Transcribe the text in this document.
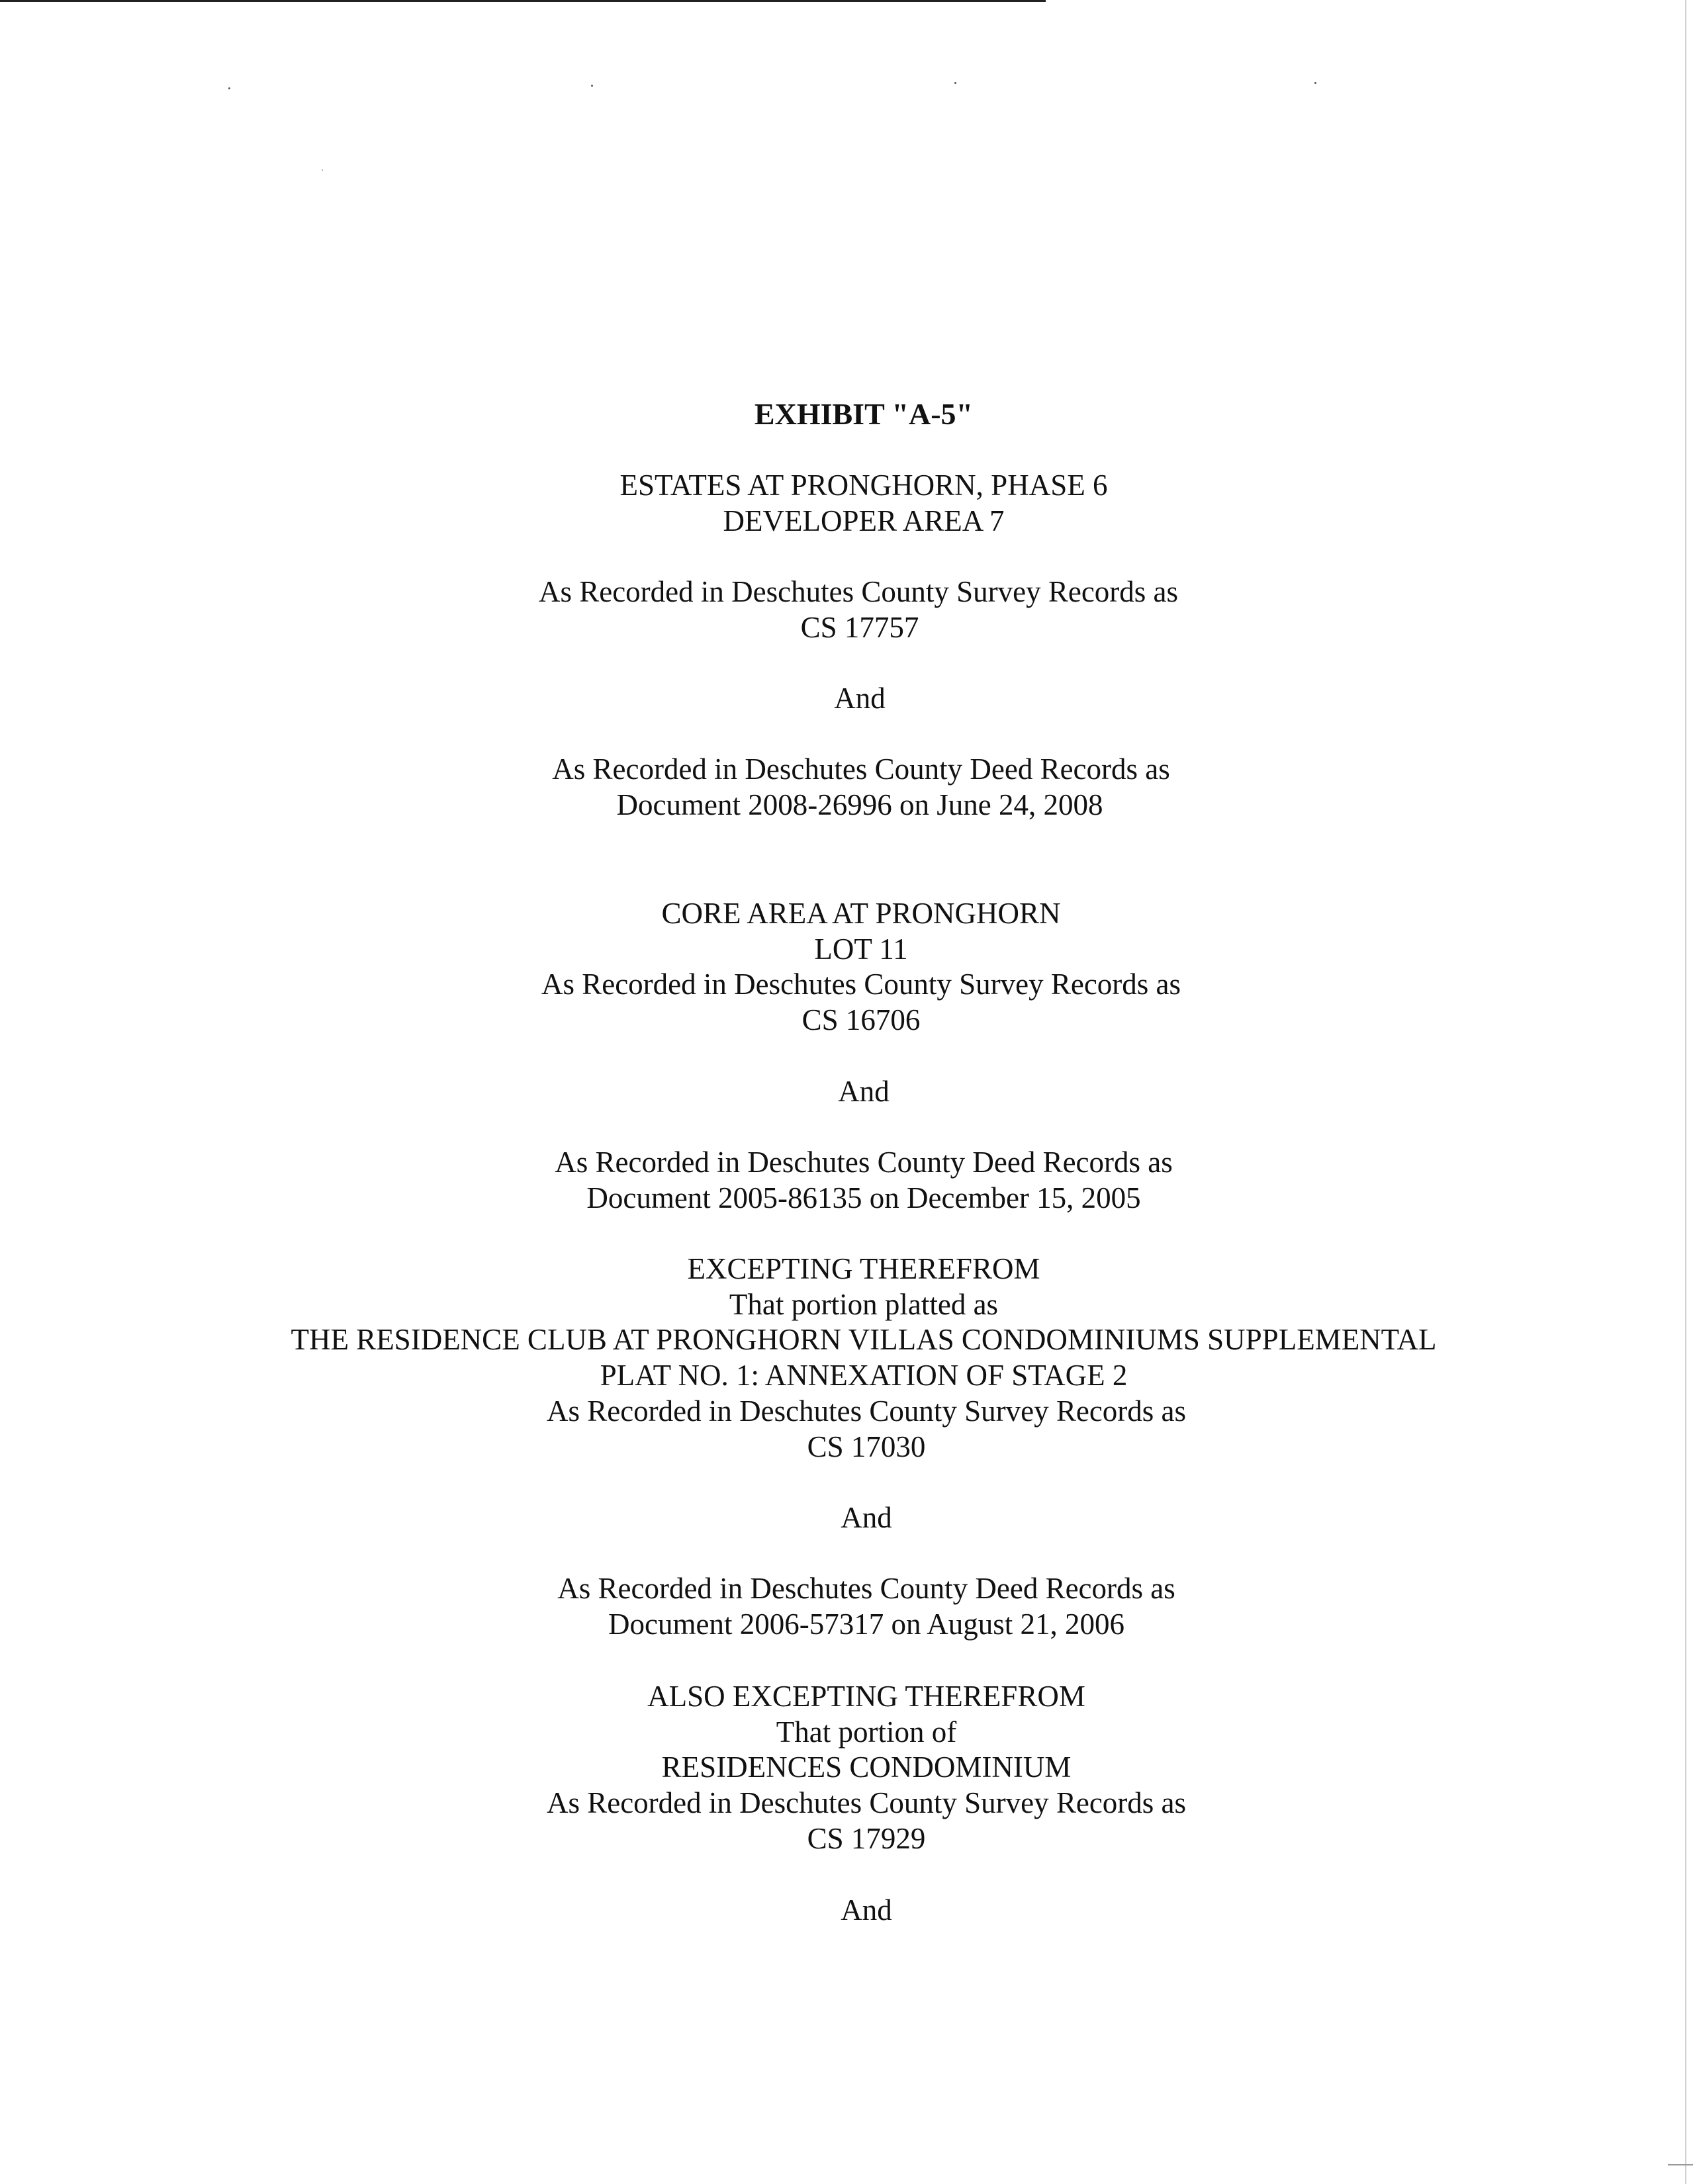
EXHIBIT "A-5"
ESTATES AT PRONGHORN, PHASE 6
DEVELOPER AREA 7
As Recorded in Deschutes County Survey Records as
CS 17757
And
As Recorded in Deschutes County Deed Records as
Document 2008-26996 on June 24, 2008
CORE AREA AT PRONGHORN
LOT 11
As Recorded in Deschutes County Survey Records as
CS 16706
And
As Recorded in Deschutes County Deed Records as
Document 2005-86135 on December 15, 2005
EXCEPTING THEREFROM
That portion platted as
THE RESIDENCE CLUB AT PRONGHORN VILLAS CONDOMINIUMS SUPPLEMENTAL
PLAT NO. 1: ANNEXATION OF STAGE 2
As Recorded in Deschutes County Survey Records as
CS 17030
And
As Recorded in Deschutes County Deed Records as
Document 2006-57317 on August 21, 2006
ALSO EXCEPTING THEREFROM
That portion of
RESIDENCES CONDOMINIUM
As Recorded in Deschutes County Survey Records as
CS 17929
And
